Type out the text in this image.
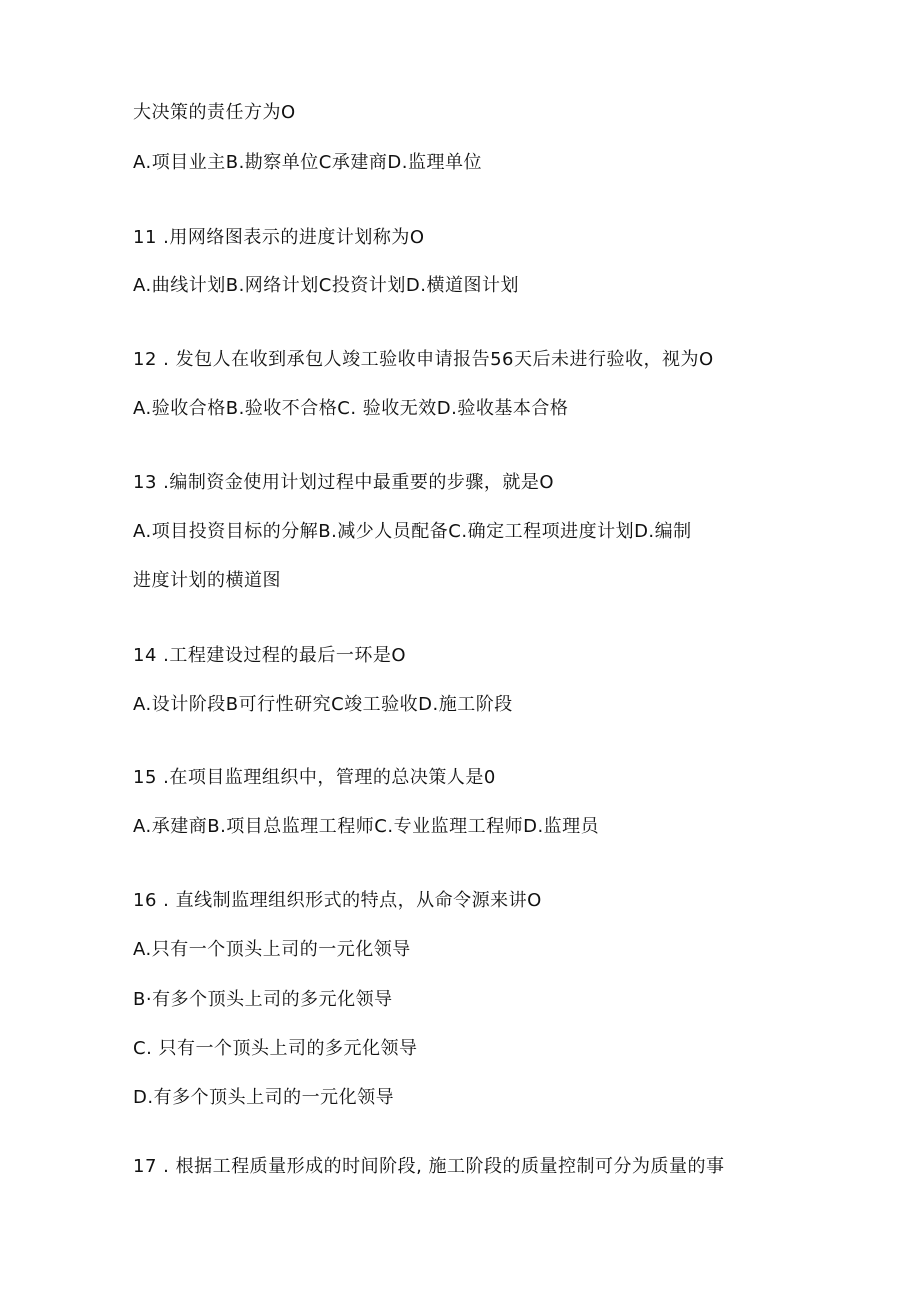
大决策的责任方为O
A.项目业主B.勘察单位C承建商D.监理单位
11 .用网络图表示的进度计划称为O
A.曲线计划B.网络计划C投资计划D.横道图计划
12 . 发包人在收到承包人竣工验收申请报告56天后未进行验收，视为O
A.验收合格B.验收不合格C. 验收无效D.验收基本合格
13 .编制资金使用计划过程中最重要的步骤，就是O
A.项目投资目标的分解B.减少人员配备C.确定工程项进度计划D.编制
进度计划的横道图
14 .工程建设过程的最后一环是O
A.设计阶段B可行性研究C竣工验收D.施工阶段
15 .在项目监理组织中，管理的总决策人是0
A.承建商B.项目总监理工程师C.专业监理工程师D.监理员
16 . 直线制监理组织形式的特点，从命令源来讲O
A.只有一个顶头上司的一元化领导
B·有多个顶头上司的多元化领导
C. 只有一个顶头上司的多元化领导
D.有多个顶头上司的一元化领导
17 . 根据工程质量形成的时间阶段, 施工阶段的质量控制可分为质量的事
